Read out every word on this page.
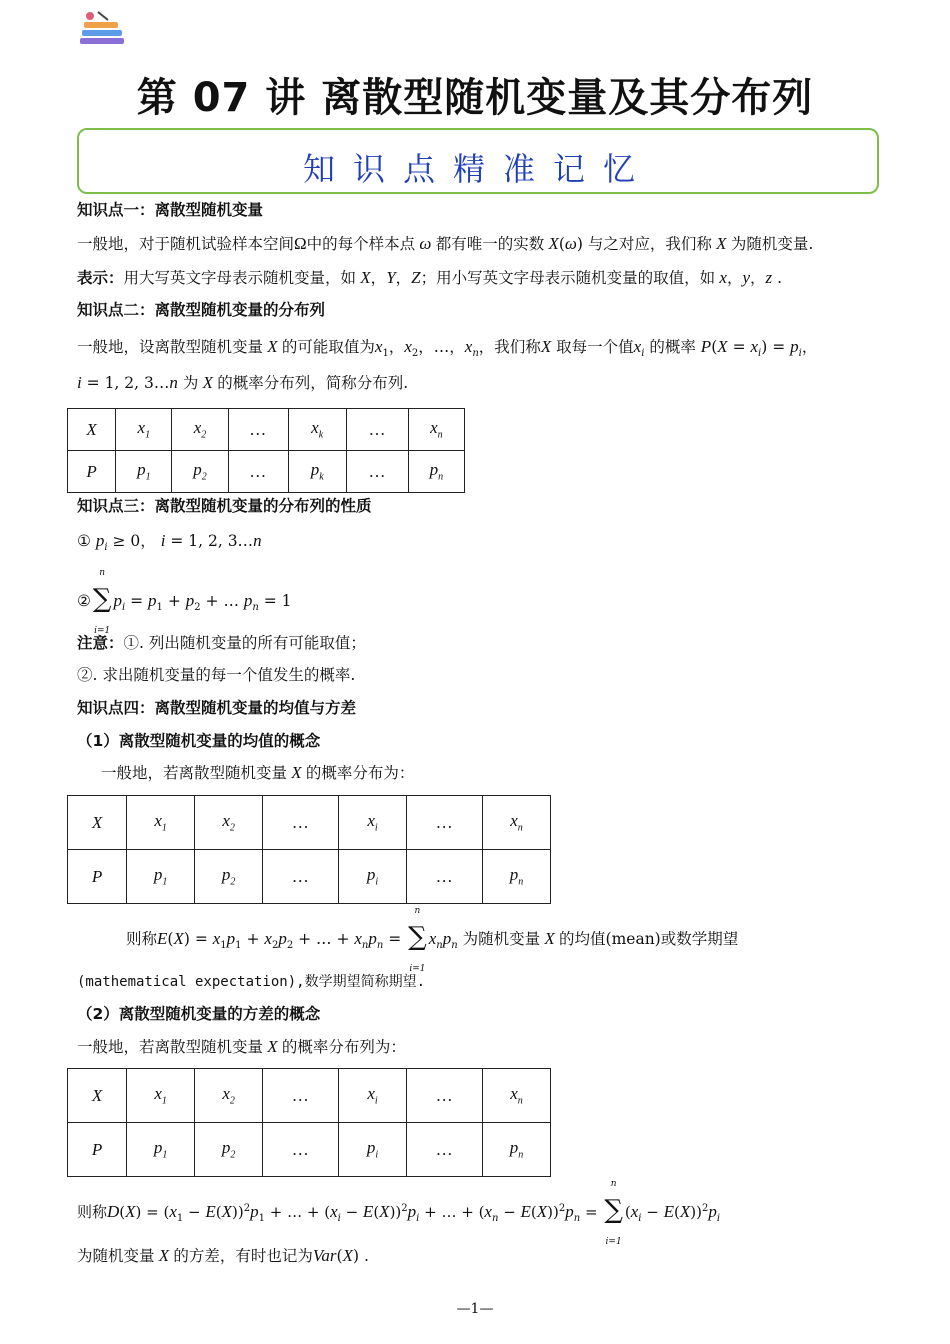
第 07 讲 离散型随机变量及其分布列
知识点精准记忆
知识点一：离散型随机变量
一般地，对于随机试验样本空间Ω中的每个样本点 ω 都有唯一的实数 X(ω) 与之对应，我们称 X 为随机变量.
表示：用大写英文字母表示随机变量，如 X，Y，Z；用小写英文字母表示随机变量的取值，如 x，y，z .
知识点二：离散型随机变量的分布列
一般地，设离散型随机变量 X 的可能取值为$x_1$，$x_2$，…，$x_n$，我们称X 取每一个值$x_i$ 的概率 $P(X = x_i) = p_i$，
i = 1, 2, 3…n 为 X 的概率分布列，简称分布列.
X	$x_1$	$x_2$	…	$x_k$	…	$x_n$
P	$p_1$	$p_2$	…	$p_k$	…	$p_n$
知识点三：离散型随机变量的分布列的性质
① $p_i \ge 0$， i = 1, 2, 3…n
②
n
∑
i=1
$p_i = p_1 + p_2$ + … $p_n = 1$
注意：①. 列出随机变量的所有可能取值；
②. 求出随机变量的每一个值发生的概率.
知识点四：离散型随机变量的均值与方差
（1）离散型随机变量的均值的概念
一般地，若离散型随机变量 X 的概率分布为：
X	$x_1$	$x_2$	…	$x_i$	…	$x_n$
P	$p_1$	$p_2$	…	$p_i$	…	$p_n$
则称$E(X) = x_1p_1 + x_2p_2$ + … + $x_np_n$ =
n
∑
i=1
$x_np_n$ 为随机变量 X 的均值(mean)或数学期望
(mathematical expectation),数学期望简称期望.
（2）离散型随机变量的方差的概念
一般地，若离散型随机变量 X 的概率分布列为：
X	$x_1$	$x_2$	…	$x_i$	…	$x_n$
P	$p_1$	$p_2$	…	$p_i$	…	$p_n$
则称$D(X) = (x_1 - E(X))^2p_1$ + … + $(x_i - E(X))^2p_i$ + … + $(x_n - E(X))^2p_n$ =
n
∑
i=1
$(x_i - E(X))^2p_i$
为随机变量 X 的方差，有时也记为Var(X) .
—1—
